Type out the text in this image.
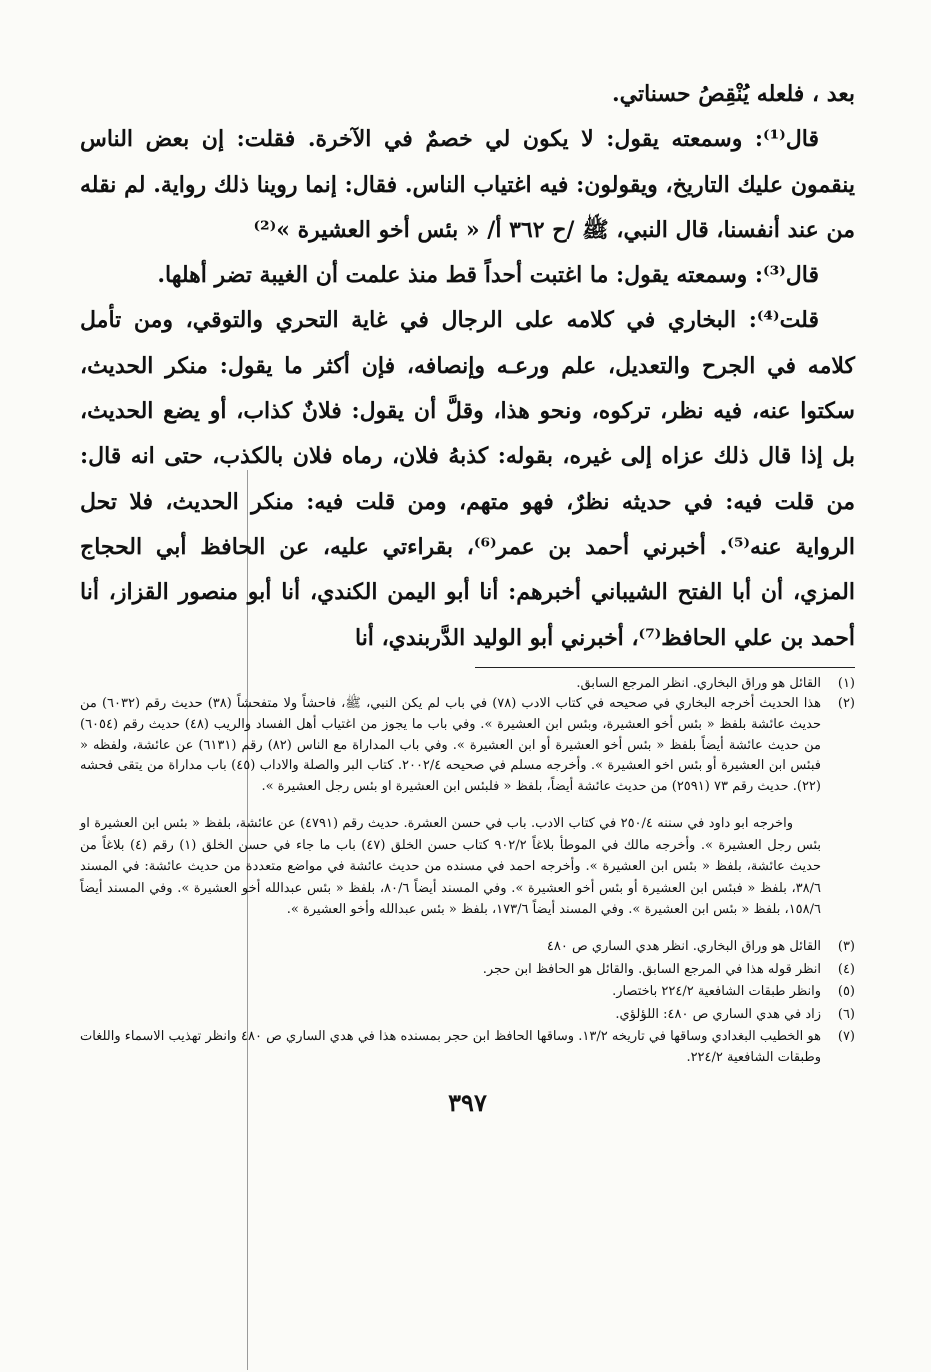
بعد ، فلعله يُنْقِصُ حسناتي.

قال⁽¹⁾: وسمعته يقول: لا يكون لي خصمٌ في الآخرة. فقلت: إن بعض الناس ينقمون عليك التاريخ، ويقولون: فيه اغتياب الناس. فقال: إنما روينا ذلك رواية. لم نقله من عند أنفسنا، قال النبي، ﷺ /ح ٣٦٢ أ/ « بئس أخو العشيرة »⁽²⁾

قال⁽³⁾: وسمعته يقول: ما اغتبت أحداً قط منذ علمت أن الغيبة تضر أهلها.

قلت⁽⁴⁾: البخاري في كلامه على الرجال في غاية التحري والتوقي، ومن تأمل كلامه في الجرح والتعديل، علم ورعـه وإنصافه، فإن أكثر ما يقول: منكر الحديث، سكتوا عنه، فيه نظر، تركوه، ونحو هذا، وقلَّ أن يقول: فلانٌ كذاب، أو يضع الحديث، بل إذا قال ذلك عزاه إلى غيره، بقوله: كذبهُ فلان، رماه فلان بالكذب، حتى انه قال: من قلت فيه: في حديثه نظرٌ، فهو متهم، ومن قلت فيه: منكر الحديث، فلا تحل الرواية عنه⁽⁵⁾. أخبرني أحمد بن عمر⁽⁶⁾، بقراءتي عليه، عن الحافظ أبي الحجاج المزي، أن أبا الفتح الشيباني أخبرهم: أنا أبو اليمن الكندي، أنا أبو منصور القزاز، أنا أحمد بن علي الحافظ⁽⁷⁾، أخبرني أبو الوليد الدَّربندي، أنا

(١)
القائل هو وراق البخاري. انظر المرجع السابق.
(٢)
هذا الحديث أخرجه البخاري في صحيحه في كتاب الادب (٧٨) في باب لم يكن النبي، ﷺ، فاحشاً ولا متفحشاً (٣٨) حديث رقم (٦٠٣٢) من حديث عائشة بلفظ « بئس أخو العشيرة، وبئس ابن العشيرة ». وفي باب ما يجوز من اغتياب أهل الفساد والريب (٤٨) حديث رقم (٦٠٥٤) من حديث عائشة أيضاً بلفظ « بئس أخو العشيرة أو ابن العشيرة ». وفي باب المداراة مع الناس (٨٢) رقم (٦١٣١) عن عائشة، ولفظه « فبئس ابن العشيرة أو بئس اخو العشيرة ». وأخرجه مسلم في صحيحه ٢٠٠٢/٤. كتاب البر والصلة والاداب (٤٥) باب مداراة من يتقى فحشه (٢٢). حديث رقم ٧٣ (٢٥٩١) من حديث عائشة أيضاً، بلفظ « فلبئس ابن العشيرة او بئس رجل العشيرة ».
واخرجه ابو داود في سننه ٢٥٠/٤ في كتاب الادب. باب في حسن العشرة. حديث رقم (٤٧٩١) عن عائشة، بلفظ « بئس ابن العشيرة او بئس رجل العشيرة ». وأخرجه مالك في الموطأ بلاغاً ٩٠٢/٢ كتاب حسن الخلق (٤٧) باب ما جاء في حسن الخلق (١) رقم (٤) بلاغاً من حديث عائشة، بلفظ « بئس ابن العشيرة ». وأخرجه احمد في مسنده من حديث عائشة في مواضع متعددة من حديث عائشة: في المسند ٣٨/٦، بلفظ « فبئس ابن العشيرة أو بئس أخو العشيرة ». وفي المسند أيضاً ٨٠/٦، بلفظ « بئس عبدالله أخو العشيرة ». وفي المسند أيضاً ١٥٨/٦، بلفظ « بئس ابن العشيرة ». وفي المسند أيضاً ١٧٣/٦، بلفظ « بئس عبدالله وأخو العشيرة ».
(٣)
القائل هو وراق البخاري. انظر هدي الساري ص ٤٨٠
(٤)
انظر قوله هذا في المرجع السابق. والقائل هو الحافظ ابن حجر.
(٥)
وانظر طبقات الشافعية ٢٢٤/٢ باختصار.
(٦)
زاد في هدي الساري ص ٤٨٠: اللؤلؤي.
(٧)
هو الخطيب البغدادي وساقها في تاريخه ١٣/٢. وساقها الحافظ ابن حجر بمسنده هذا في هدي الساري ص ٤٨٠ وانظر تهذيب الاسماء واللغات وطبقات الشافعية ٢٢٤/٢.
٣٩٧
